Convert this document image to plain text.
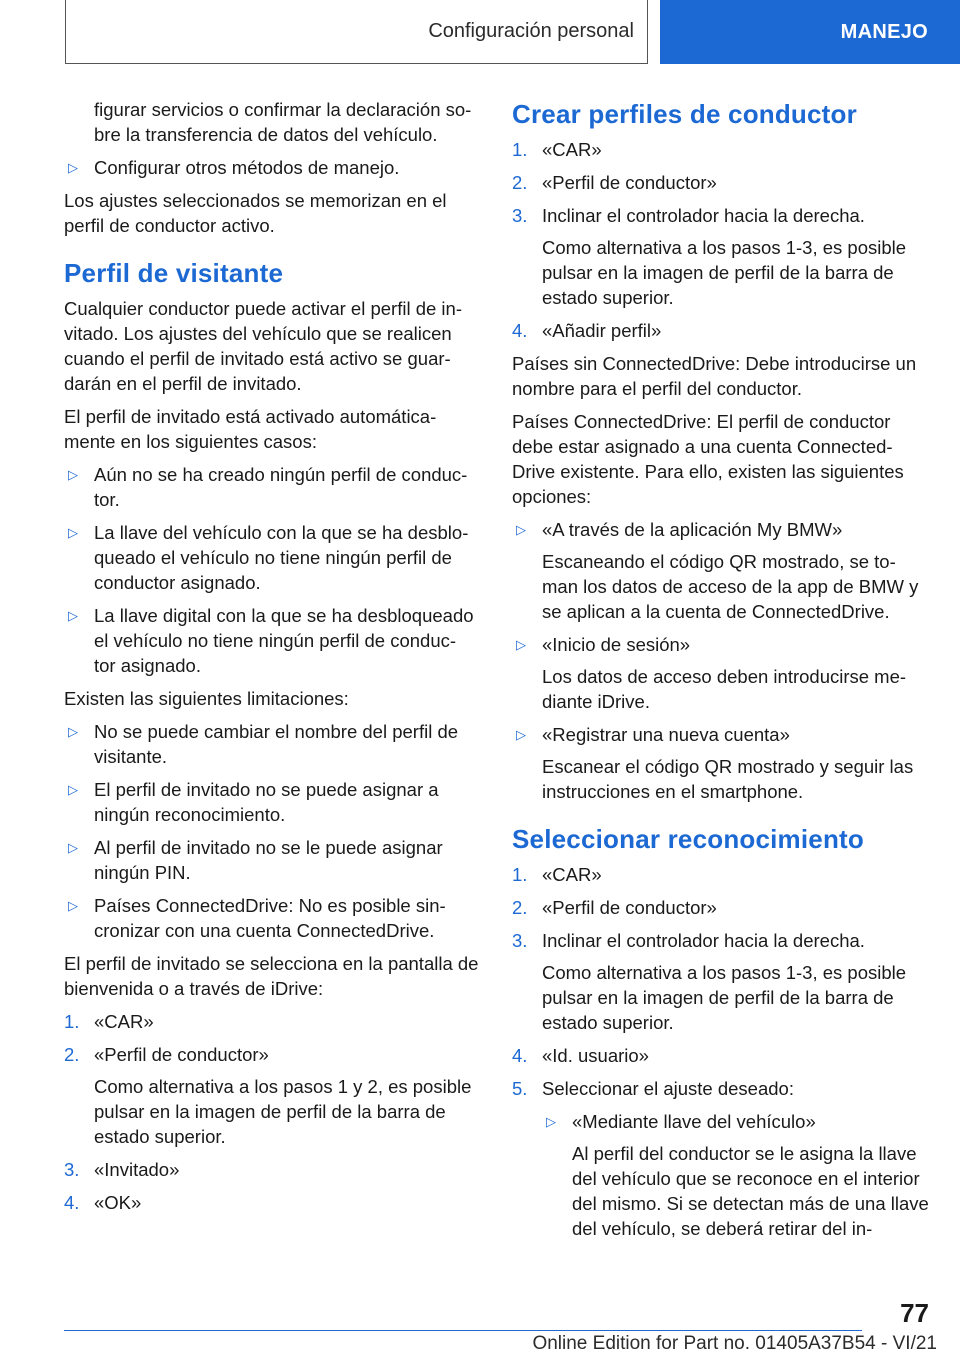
Configuración personal	MANEJO

figurar servicios o confirmar la declaración so‐ bre la transferencia de datos del vehículo.

▷ Configurar otros métodos de manejo.

Los ajustes seleccionados se memorizan en el perfil de conductor activo.

Perfil de visitante

Cualquier conductor puede activar el perfil de in‐ vitado. Los ajustes del vehículo que se realicen cuando el perfil de invitado está activo se guar‐ darán en el perfil de invitado.

El perfil de invitado está activado automática‐ mente en los siguientes casos:

▷ Aún no se ha creado ningún perfil de conduc‐ tor.
▷ La llave del vehículo con la que se ha desblo‐ queado el vehículo no tiene ningún perfil de conductor asignado.
▷ La llave digital con la que se ha desbloqueado el vehículo no tiene ningún perfil de conduc‐ tor asignado.

Existen las siguientes limitaciones:

▷ No se puede cambiar el nombre del perfil de visitante.
▷ El perfil de invitado no se puede asignar a ningún reconocimiento.
▷ Al perfil de invitado no se le puede asignar ningún PIN.
▷ Países ConnectedDrive: No es posible sin‐ cronizar con una cuenta ConnectedDrive.

El perfil de invitado se selecciona en la pantalla de bienvenida o a través de iDrive:

1. «CAR»
2. «Perfil de conductor»
Como alternativa a los pasos 1 y 2, es posible pulsar en la imagen de perfil de la barra de estado superior.
3. «Invitado»
4. «OK»
Crear perfiles de conductor
1. «CAR»
2. «Perfil de conductor»
3. Inclinar el controlador hacia la derecha.
Como alternativa a los pasos 1‑3, es posible pulsar en la imagen de perfil de la barra de estado superior.
4. «Añadir perfil»

Países sin ConnectedDrive: Debe introducirse un nombre para el perfil del conductor.

Países ConnectedDrive: El perfil de conductor debe estar asignado a una cuenta Connected‐ Drive existente. Para ello, existen las siguientes opciones:

▷ «A través de la aplicación My BMW»
Escaneando el código QR mostrado, se to‐ man los datos de acceso de la app de BMW y se aplican a la cuenta de ConnectedDrive.
▷ «Inicio de sesión»
Los datos de acceso deben introducirse me‐ diante iDrive.
▷ «Registrar una nueva cuenta»
Escanear el código QR mostrado y seguir las instrucciones en el smartphone.
Seleccionar reconocimiento
1. «CAR»
2. «Perfil de conductor»
3. Inclinar el controlador hacia la derecha.
Como alternativa a los pasos 1‑3, es posible pulsar en la imagen de perfil de la barra de estado superior.
4. «Id. usuario»
5. Seleccionar el ajuste deseado:
▷ «Mediante llave del vehículo»
Al perfil del conductor se le asigna la llave del vehículo que se reconoce en el interior del mismo. Si se detectan más de una llave del vehículo, se deberá retirar del in‐
77
Online Edition for Part no. 01405A37B54 - VI/21
